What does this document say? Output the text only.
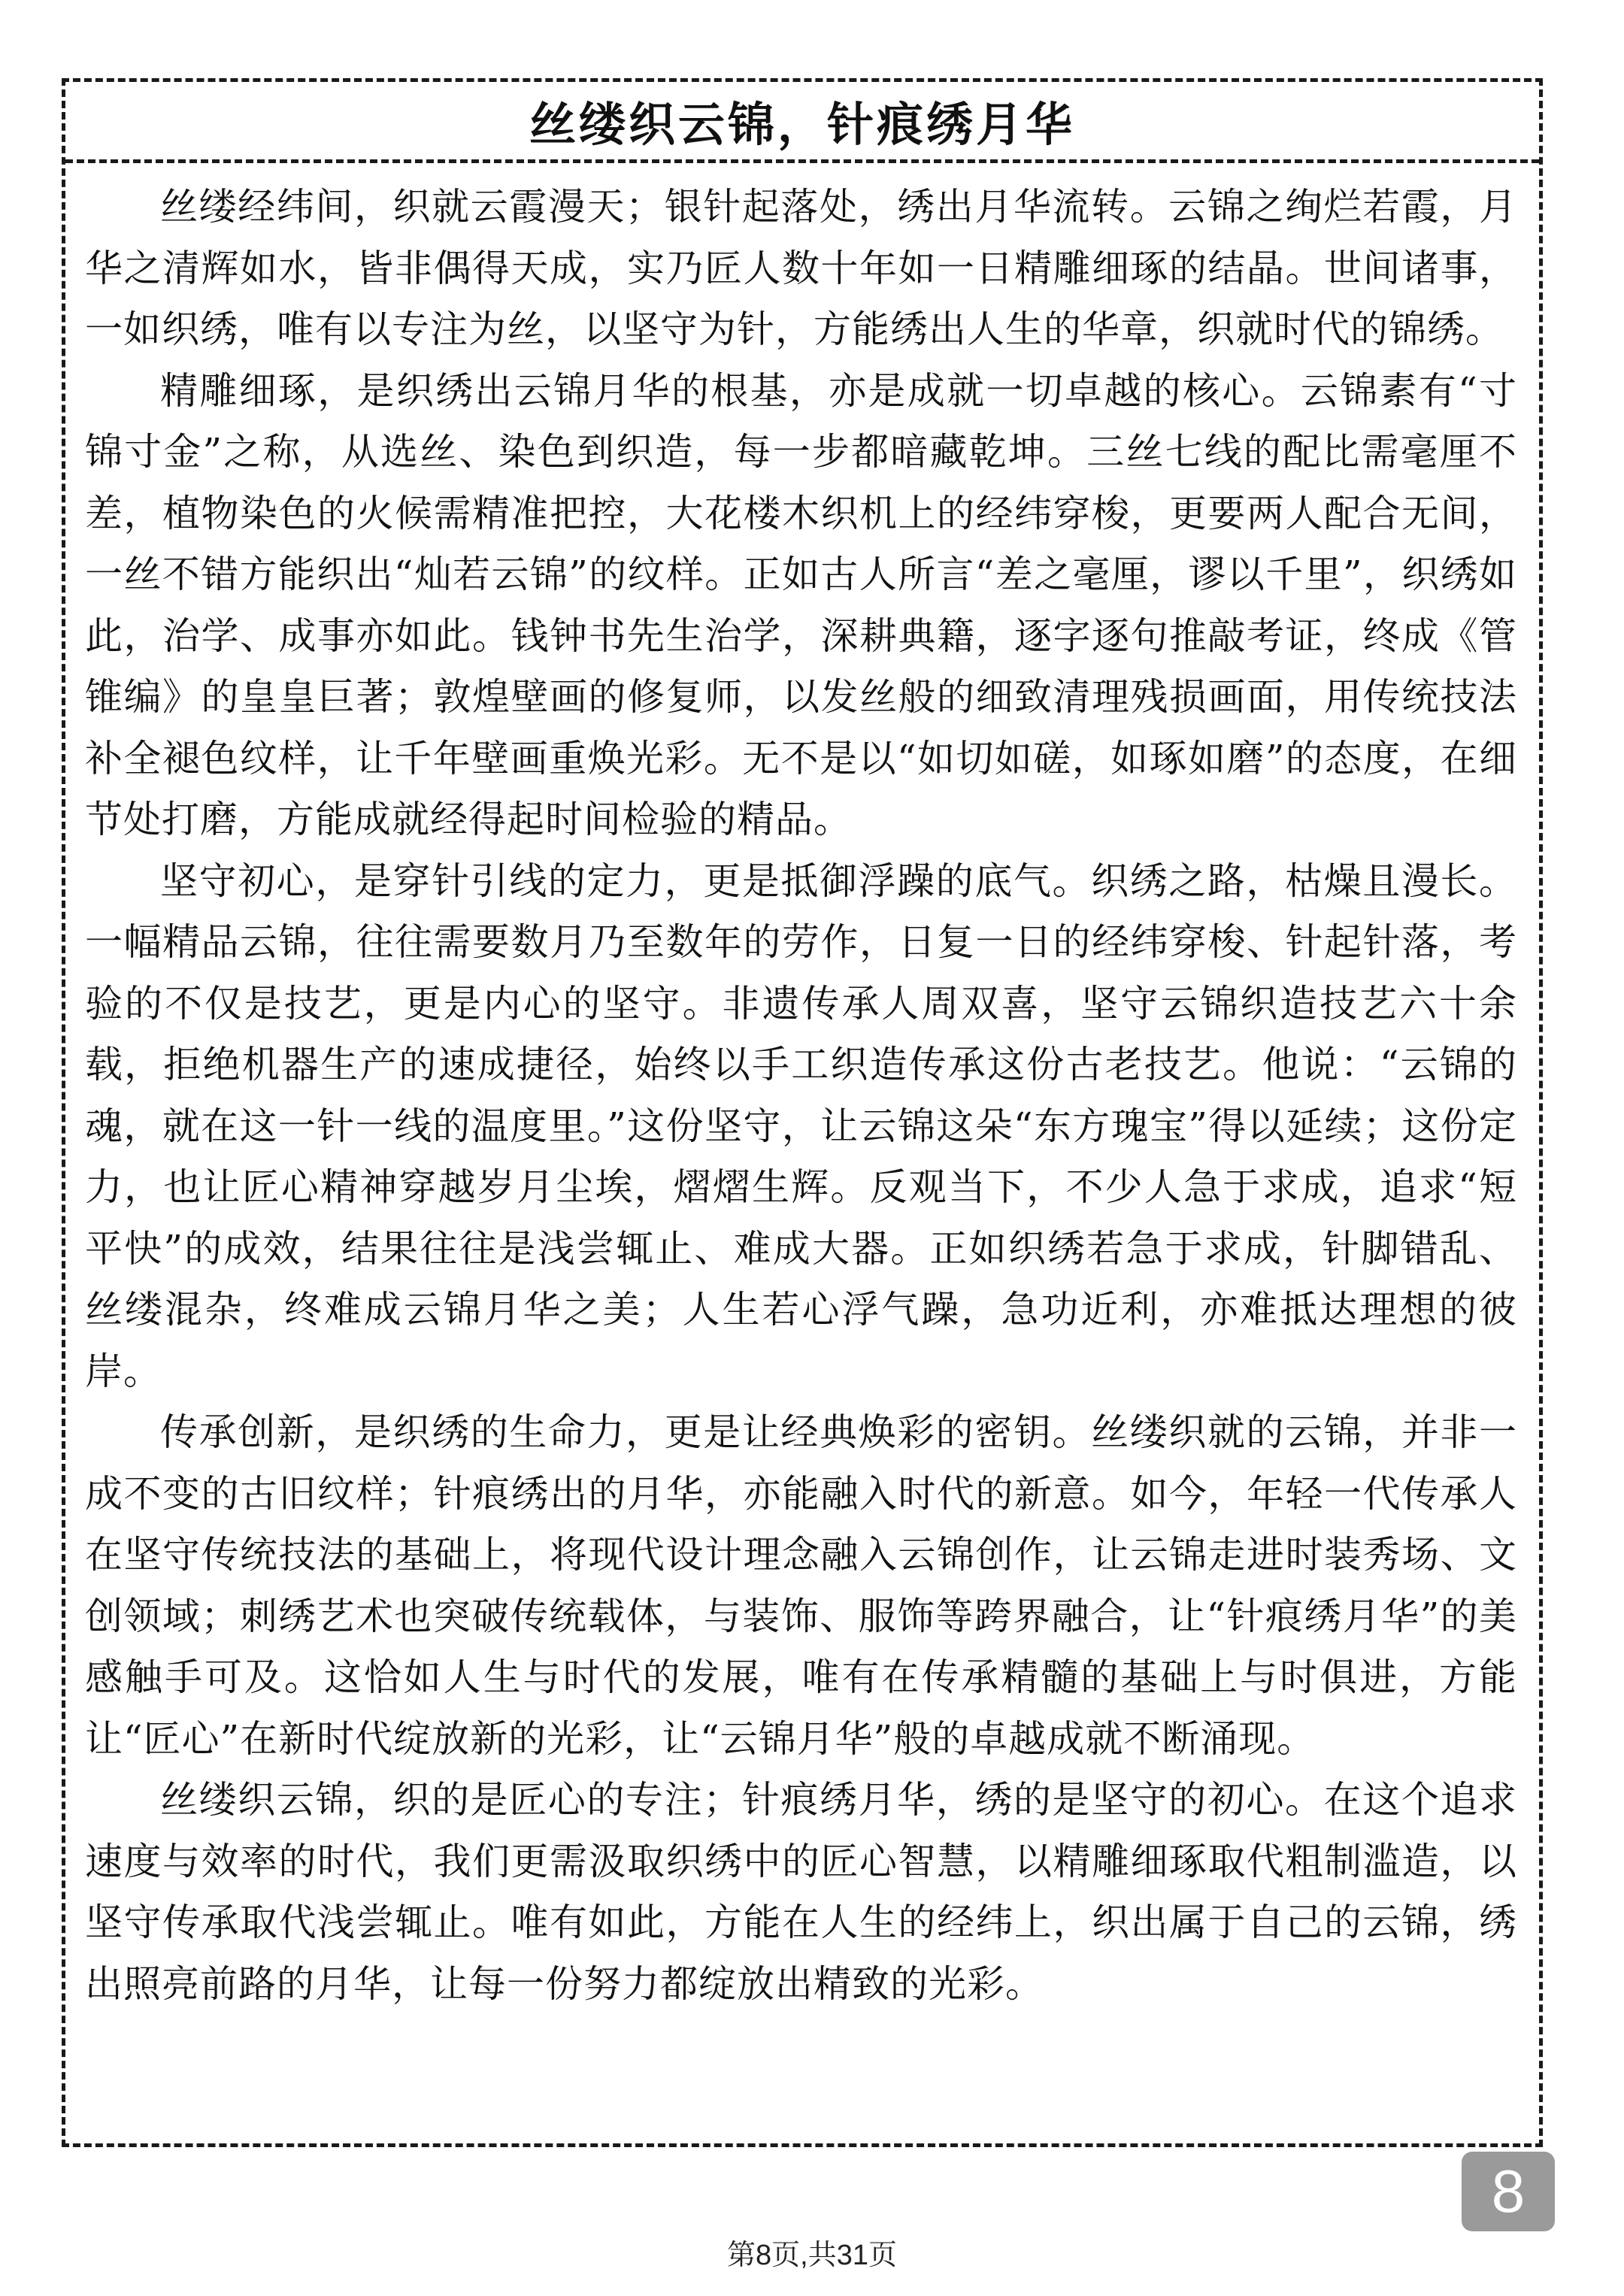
丝缕织云锦，针痕绣月华

丝缕经纬间，织就云霞漫天；银针起落处，绣出月华流转。云锦之绚烂若霞，月华之清辉如水，皆非偶得天成，实乃匠人数十年如一日精雕细琢的结晶。世间诸事，一如织绣，唯有以专注为丝，以坚守为针，方能绣出人生的华章，织就时代的锦绣。

精雕细琢，是织绣出云锦月华的根基，亦是成就一切卓越的核心。云锦素有“寸锦寸金”之称，从选丝、染色到织造，每一步都暗藏乾坤。三丝七线的配比需毫厘不差，植物染色的火候需精准把控，大花楼木织机上的经纬穿梭，更要两人配合无间，一丝不错方能织出“灿若云锦”的纹样。正如古人所言“差之毫厘，谬以千里”，织绣如此，治学、成事亦如此。钱钟书先生治学，深耕典籍，逐字逐句推敲考证，终成《管锥编》的皇皇巨著；敦煌壁画的修复师，以发丝般的细致清理残损画面，用传统技法补全褪色纹样，让千年壁画重焕光彩。无不是以“如切如磋，如琢如磨”的态度，在细节处打磨，方能成就经得起时间检验的精品。

坚守初心，是穿针引线的定力，更是抵御浮躁的底气。织绣之路，枯燥且漫长。一幅精品云锦，往往需要数月乃至数年的劳作，日复一日的经纬穿梭、针起针落，考验的不仅是技艺，更是内心的坚守。非遗传承人周双喜，坚守云锦织造技艺六十余载，拒绝机器生产的速成捷径，始终以手工织造传承这份古老技艺。他说：“云锦的魂，就在这一针一线的温度里。”这份坚守，让云锦这朵“东方瑰宝”得以延续；这份定力，也让匠心精神穿越岁月尘埃，熠熠生辉。反观当下，不少人急于求成，追求“短平快”的成效，结果往往是浅尝辄止、难成大器。正如织绣若急于求成，针脚错乱、丝缕混杂，终难成云锦月华之美；人生若心浮气躁，急功近利，亦难抵达理想的彼岸。

传承创新，是织绣的生命力，更是让经典焕彩的密钥。丝缕织就的云锦，并非一成不变的古旧纹样；针痕绣出的月华，亦能融入时代的新意。如今，年轻一代传承人在坚守传统技法的基础上，将现代设计理念融入云锦创作，让云锦走进时装秀场、文创领域；刺绣艺术也突破传统载体，与装饰、服饰等跨界融合，让“针痕绣月华”的美感触手可及。这恰如人生与时代的发展，唯有在传承精髓的基础上与时俱进，方能让“匠心”在新时代绽放新的光彩，让“云锦月华”般的卓越成就不断涌现。

丝缕织云锦，织的是匠心的专注；针痕绣月华，绣的是坚守的初心。在这个追求速度与效率的时代，我们更需汲取织绣中的匠心智慧，以精雕细琢取代粗制滥造，以坚守传承取代浅尝辄止。唯有如此，方能在人生的经纬上，织出属于自己的云锦，绣出照亮前路的月华，让每一份努力都绽放出精致的光彩。

8
第8页,共31页
